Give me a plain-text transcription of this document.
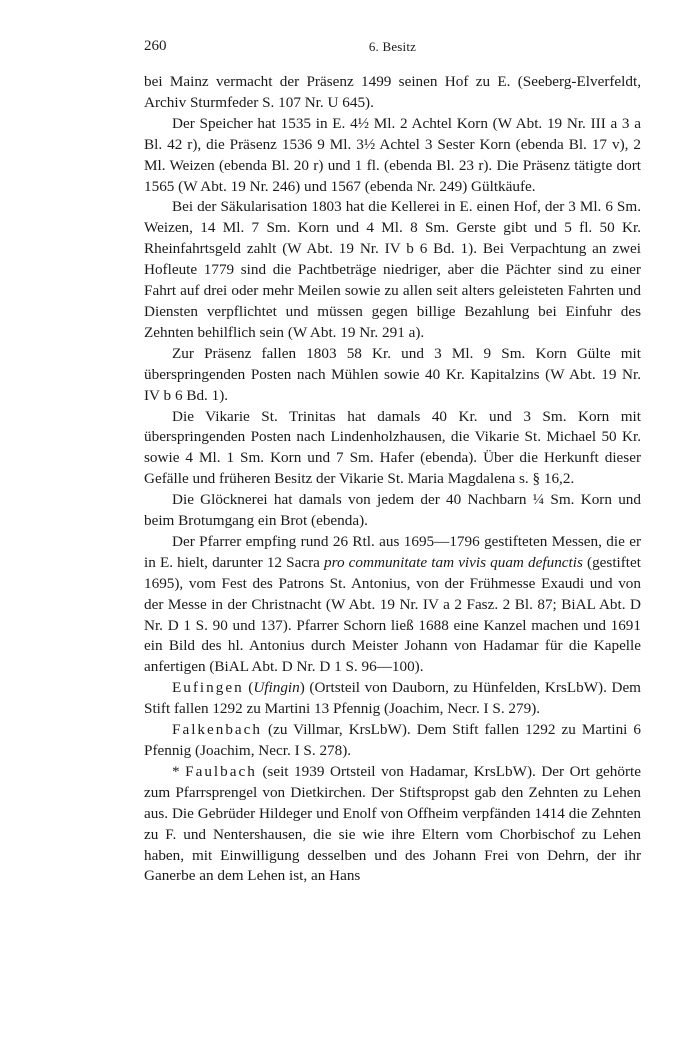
260	6. Besitz

bei Mainz vermacht der Präsenz 1499 seinen Hof zu E. (Seeberg-Elverfeldt, Archiv Sturmfeder S. 107 Nr. U 645).

Der Speicher hat 1535 in E. 4½ Ml. 2 Achtel Korn (W Abt. 19 Nr. III a 3 a Bl. 42 r), die Präsenz 1536 9 Ml. 3½ Achtel 3 Sester Korn (ebenda Bl. 17 v), 2 Ml. Weizen (ebenda Bl. 20 r) und 1 fl. (ebenda Bl. 23 r). Die Präsenz tätigte dort 1565 (W Abt. 19 Nr. 246) und 1567 (ebenda Nr. 249) Gültkäufe.

Bei der Säkularisation 1803 hat die Kellerei in E. einen Hof, der 3 Ml. 6 Sm. Weizen, 14 Ml. 7 Sm. Korn und 4 Ml. 8 Sm. Gerste gibt und 5 fl. 50 Kr. Rheinfahrtsgeld zahlt (W Abt. 19 Nr. IV b 6 Bd. 1). Bei Verpachtung an zwei Hofleute 1779 sind die Pachtbeträge niedriger, aber die Pächter sind zu einer Fahrt auf drei oder mehr Meilen sowie zu allen seit alters geleisteten Fahrten und Diensten verpflichtet und müssen gegen billige Bezahlung bei Einfuhr des Zehnten behilflich sein (W Abt. 19 Nr. 291 a).

Zur Präsenz fallen 1803 58 Kr. und 3 Ml. 9 Sm. Korn Gülte mit überspringenden Posten nach Mühlen sowie 40 Kr. Kapitalzins (W Abt. 19 Nr. IV b 6 Bd. 1).

Die Vikarie St. Trinitas hat damals 40 Kr. und 3 Sm. Korn mit überspringenden Posten nach Lindenholzhausen, die Vikarie St. Michael 50 Kr. sowie 4 Ml. 1 Sm. Korn und 7 Sm. Hafer (ebenda). Über die Herkunft dieser Gefälle und früheren Besitz der Vikarie St. Maria Magdalena s. § 16,2.

Die Glöcknerei hat damals von jedem der 40 Nachbarn ¼ Sm. Korn und beim Brotumgang ein Brot (ebenda).

Der Pfarrer empfing rund 26 Rtl. aus 1695—1796 gestifteten Messen, die er in E. hielt, darunter 12 Sacra pro communitate tam vivis quam defunctis (gestiftet 1695), vom Fest des Patrons St. Antonius, von der Frühmesse Exaudi und von der Messe in der Christnacht (W Abt. 19 Nr. IV a 2 Fasz. 2 Bl. 87; BiAL Abt. D Nr. D 1 S. 90 und 137). Pfarrer Schorn ließ 1688 eine Kanzel machen und 1691 ein Bild des hl. Antonius durch Meister Johann von Hadamar für die Kapelle anfertigen (BiAL Abt. D Nr. D 1 S. 96—100).

Eufingen (Ufingin) (Ortsteil von Dauborn, zu Hünfelden, KrsLbW). Dem Stift fallen 1292 zu Martini 13 Pfennig (Joachim, Necr. I S. 279).

Falkenbach (zu Villmar, KrsLbW). Dem Stift fallen 1292 zu Martini 6 Pfennig (Joachim, Necr. I S. 278).

* Faulbach (seit 1939 Ortsteil von Hadamar, KrsLbW). Der Ort gehörte zum Pfarrsprengel von Dietkirchen. Der Stiftspropst gab den Zehnten zu Lehen aus. Die Gebrüder Hildeger und Enolf von Offheim verpfänden 1414 die Zehnten zu F. und Nentershausen, die sie wie ihre Eltern vom Chorbischof zu Lehen haben, mit Einwilligung desselben und des Johann Frei von Dehrn, der ihr Ganerbe an dem Lehen ist, an Hans
